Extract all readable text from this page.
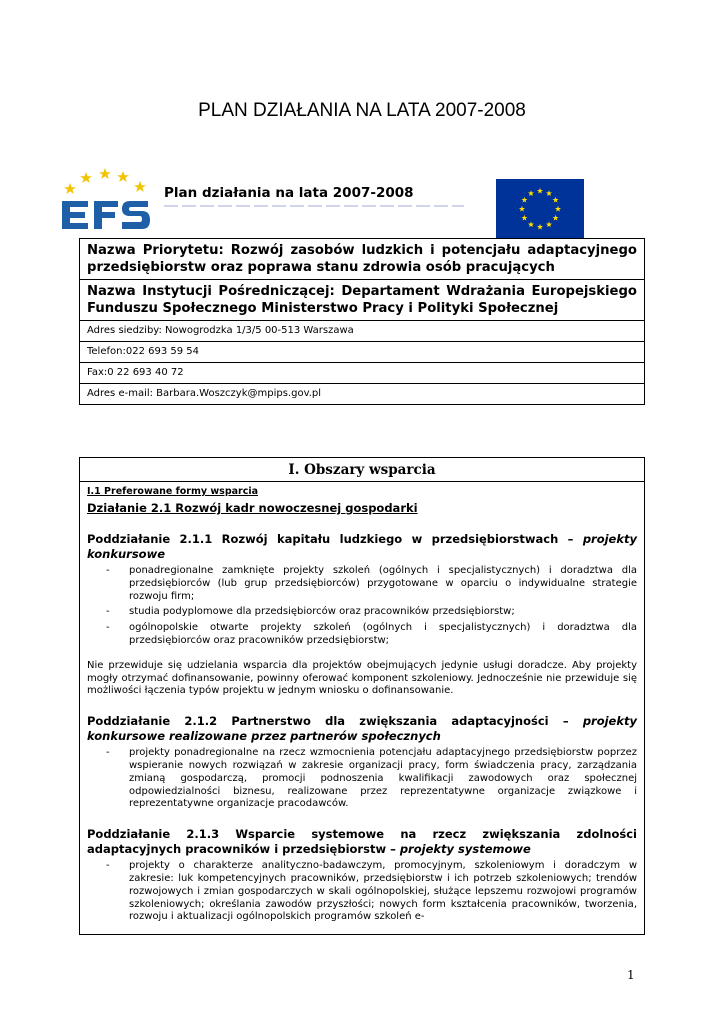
PLAN DZIAŁANIA NA LATA 2007-2008
Plan działania na lata 2007-2008
Nazwa Priorytetu: Rozwój zasobów ludzkich i potencjału adaptacyjnego przedsiębiorstw oraz poprawa stanu zdrowia osób pracujących
Nazwa Instytucji Pośredniczącej: Departament Wdrażania Europejskiego Funduszu Społecznego Ministerstwo Pracy i Polityki Społecznej
Adres siedziby: Nowogrodzka 1/3/5 00-513 Warszawa
Telefon:022 693 59 54
Fax:0 22 693 40 72
Adres e-mail: Barbara.Woszczyk@mpips.gov.pl
I. Obszary wsparcia
I.1 Preferowane formy wsparcia
Działanie 2.1 Rozwój kadr nowoczesnej gospodarki
Poddziałanie 2.1.1 Rozwój kapitału ludzkiego w przedsiębiorstwach – projekty konkursowe
- ponadregionalne zamknięte projekty szkoleń (ogólnych i specjalistycznych) i doradztwa dla przedsiębiorców (lub grup przedsiębiorców) przygotowane w oparciu o indywidualne strategie rozwoju firm;
- studia podyplomowe dla przedsiębiorców oraz pracowników przedsiębiorstw;
- ogólnopolskie otwarte projekty szkoleń (ogólnych i specjalistycznych) i doradztwa dla przedsiębiorców oraz pracowników przedsiębiorstw;
Nie przewiduje się udzielania wsparcia dla projektów obejmujących jedynie usługi doradcze. Aby projekty mogły otrzymać dofinansowanie, powinny oferować komponent szkoleniowy. Jednocześnie nie przewiduje się możliwości łączenia typów projektu w jednym wniosku o dofinansowanie.
Poddziałanie 2.1.2 Partnerstwo dla zwiększania adaptacyjności – projekty konkursowe realizowane przez partnerów społecznych
- projekty ponadregionalne na rzecz wzmocnienia potencjału adaptacyjnego przedsiębiorstw poprzez wspieranie nowych rozwiązań w zakresie organizacji pracy, form świadczenia pracy, zarządzania zmianą gospodarczą, promocji podnoszenia kwalifikacji zawodowych oraz społecznej odpowiedzialności biznesu, realizowane przez reprezentatywne organizacje związkowe i reprezentatywne organizacje pracodawców.
Poddziałanie 2.1.3 Wsparcie systemowe na rzecz zwiększania zdolności adaptacyjnych pracowników i przedsiębiorstw – projekty systemowe
- projekty o charakterze analityczno-badawczym, promocyjnym, szkoleniowym i doradczym w zakresie: luk kompetencyjnych pracowników, przedsiębiorstw i ich potrzeb szkoleniowych; trendów rozwojowych i zmian gospodarczych w skali ogólnopolskiej, służące lepszemu rozwojowi programów szkoleniowych; określania zawodów przyszłości; nowych form kształcenia pracowników, tworzenia, rozwoju i aktualizacji ogólnopolskich programów szkoleń e-
1
